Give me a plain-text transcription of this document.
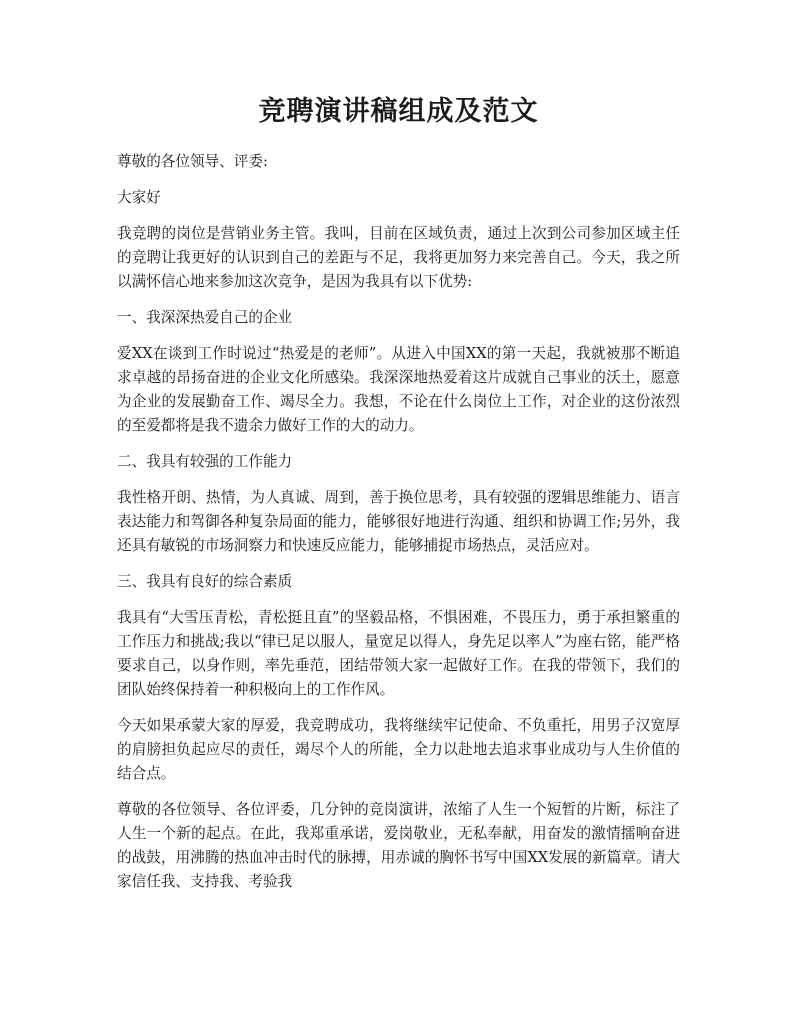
竞聘演讲稿组成及范文

尊敬的各位领导、评委:

大家好

我竞聘的岗位是营销业务主管。我叫，目前在区域负责，通过上次到公司参加区域主任的竞聘让我更好的认识到自己的差距与不足，我将更加努力来完善自己。今天，我之所以满怀信心地来参加这次竞争，是因为我具有以下优势:

一、我深深热爱自己的企业

爱XX在谈到工作时说过“热爱是的老师”。从进入中国XX的第一天起，我就被那不断追求卓越的昂扬奋进的企业文化所感染。我深深地热爱着这片成就自己事业的沃土，愿意为企业的发展勤奋工作、竭尽全力。我想，不论在什么岗位上工作，对企业的这份浓烈的至爱都将是我不遗余力做好工作的大的动力。

二、我具有较强的工作能力

我性格开朗、热情，为人真诚、周到，善于换位思考，具有较强的逻辑思维能力、语言表达能力和驾御各种复杂局面的能力，能够很好地进行沟通、组织和协调工作;另外，我还具有敏锐的市场洞察力和快速反应能力，能够捕捉市场热点，灵活应对。

三、我具有良好的综合素质

我具有“大雪压青松，青松挺且直”的坚毅品格，不惧困难，不畏压力，勇于承担繁重的工作压力和挑战;我以“律已足以服人，量宽足以得人，身先足以率人”为座右铭，能严格要求自己，以身作则，率先垂范，团结带领大家一起做好工作。在我的带领下，我们的团队始终保持着一种积极向上的工作作风。

今天如果承蒙大家的厚爱，我竞聘成功，我将继续牢记使命、不负重托，用男子汉宽厚的肩膀担负起应尽的责任，竭尽个人的所能，全力以赴地去追求事业成功与人生价值的结合点。

尊敬的各位领导、各位评委，几分钟的竞岗演讲，浓缩了人生一个短暂的片断，标注了人生一个新的起点。在此，我郑重承诺，爱岗敬业，无私奉献，用奋发的激情擂响奋进的战鼓，用沸腾的热血冲击时代的脉搏，用赤诚的胸怀书写中国XX发展的新篇章。请大家信任我、支持我、考验我
